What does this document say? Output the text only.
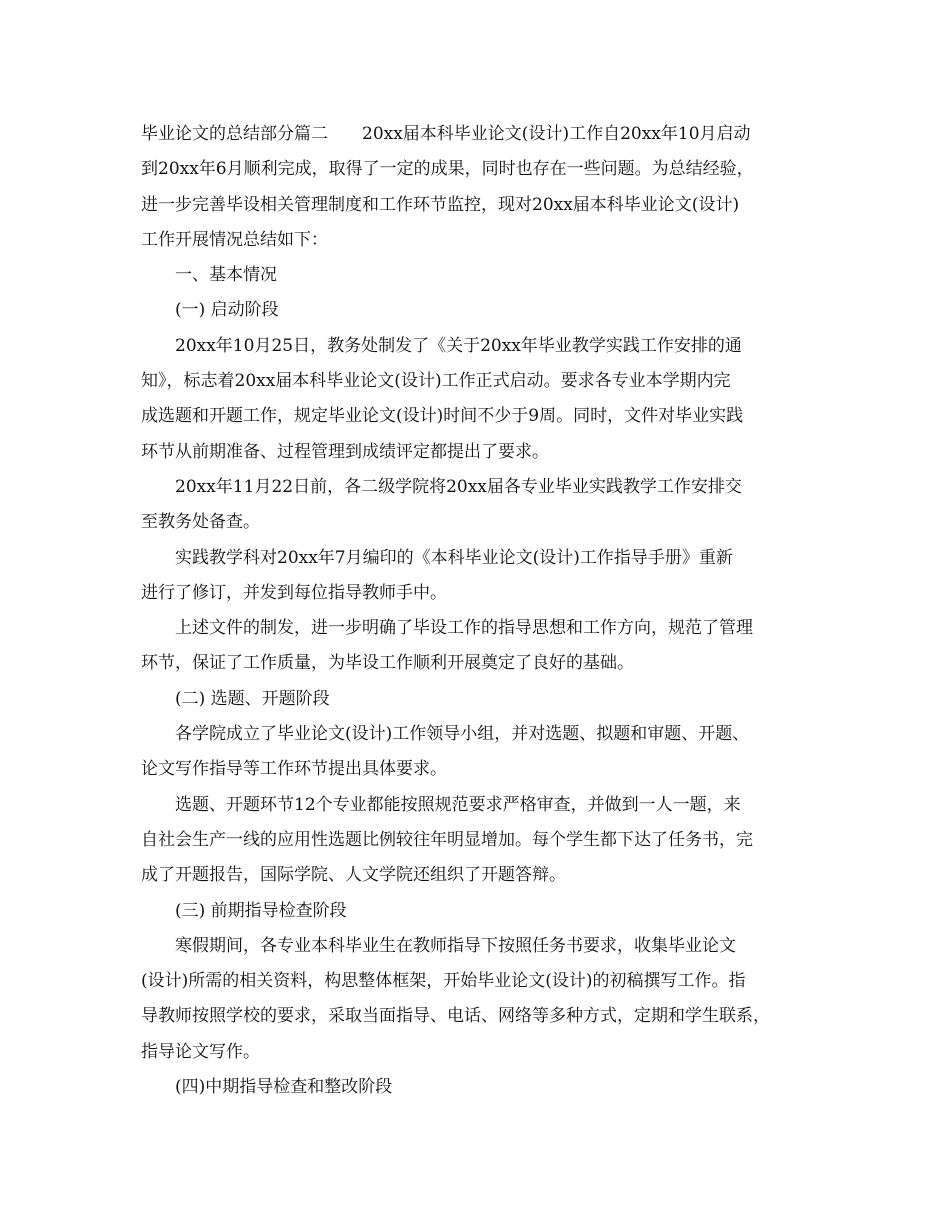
毕业论文的总结部分篇二　　20xx届本科毕业论文(设计)工作自20xx年10月启动
到20xx年6月顺利完成，取得了一定的成果，同时也存在一些问题。为总结经验，
进一步完善毕设相关管理制度和工作环节监控，现对20xx届本科毕业论文(设计)
工作开展情况总结如下：
　　一、基本情况
　　(一) 启动阶段
　　20xx年10月25日，教务处制发了《关于20xx年毕业教学实践工作安排的通
知》，标志着20xx届本科毕业论文(设计)工作正式启动。要求各专业本学期内完
成选题和开题工作，规定毕业论文(设计)时间不少于9周。同时，文件对毕业实践
环节从前期准备、过程管理到成绩评定都提出了要求。
　　20xx年11月22日前，各二级学院将20xx届各专业毕业实践教学工作安排交
至教务处备查。
　　实践教学科对20xx年7月编印的《本科毕业论文(设计)工作指导手册》重新
进行了修订，并发到每位指导教师手中。
　　上述文件的制发，进一步明确了毕设工作的指导思想和工作方向，规范了管理
环节，保证了工作质量，为毕设工作顺利开展奠定了良好的基础。
　　(二) 选题、开题阶段
　　各学院成立了毕业论文(设计)工作领导小组，并对选题、拟题和审题、开题、
论文写作指导等工作环节提出具体要求。
　　选题、开题环节12个专业都能按照规范要求严格审查，并做到一人一题，来
自社会生产一线的应用性选题比例较往年明显增加。每个学生都下达了任务书，完
成了开题报告，国际学院、人文学院还组织了开题答辩。
　　(三) 前期指导检查阶段
　　寒假期间，各专业本科毕业生在教师指导下按照任务书要求，收集毕业论文
(设计)所需的相关资料，构思整体框架，开始毕业论文(设计)的初稿撰写工作。指
导教师按照学校的要求，采取当面指导、电话、网络等多种方式，定期和学生联系，
指导论文写作。
　　(四)中期指导检查和整改阶段
